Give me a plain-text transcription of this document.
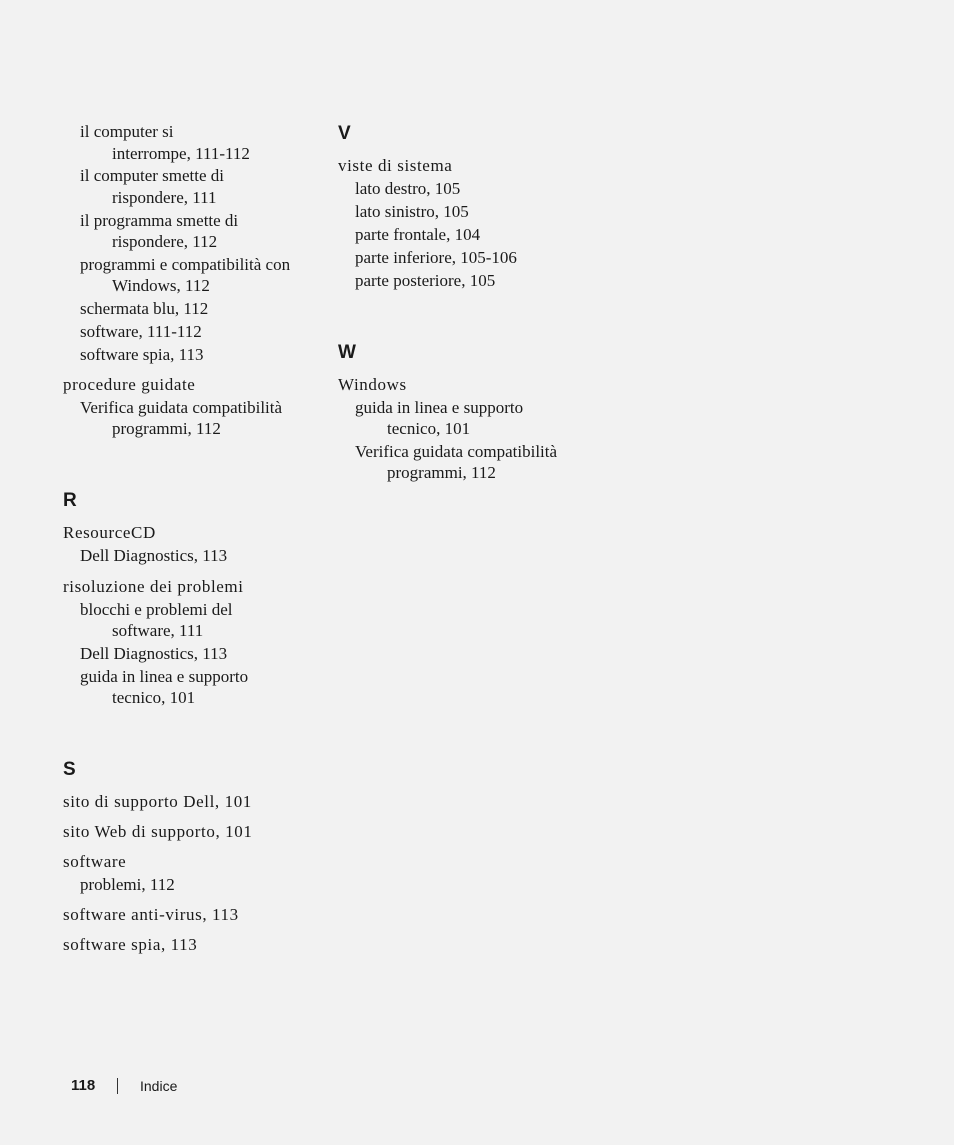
il computer si
interrompe, 111-112
il computer smette di
rispondere, 111
il programma smette di
rispondere, 112
programmi e compatibilità con
Windows, 112
schermata blu, 112
software, 111-112
software spia, 113
procedure guidate
Verifica guidata compatibilità
programmi, 112
R
ResourceCD
Dell Diagnostics, 113
risoluzione dei problemi
blocchi e problemi del
software, 111
Dell Diagnostics, 113
guida in linea e supporto
tecnico, 101
S
sito di supporto Dell, 101
sito Web di supporto, 101
software
problemi, 112
software anti-virus, 113
software spia, 113
V
viste di sistema
lato destro, 105
lato sinistro, 105
parte frontale, 104
parte inferiore, 105-106
parte posteriore, 105
W
Windows
guida in linea e supporto
tecnico, 101
Verifica guidata compatibilità
programmi, 112
118	Indice
